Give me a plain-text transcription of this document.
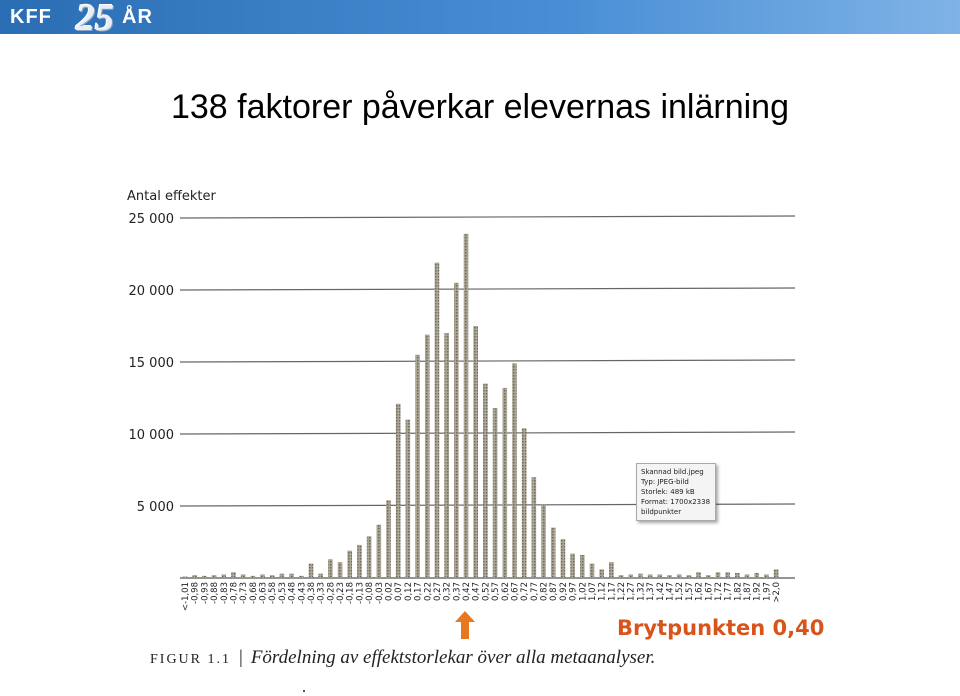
KFF 25 ÅR
138 faktorer påverkar elevernas inlärning
5 000
10 000
15 000
20 000
25 000
<-1,01 -0,98 -0,93 -0,88 -0,83 -0,78 -0,73 -0,68 -0,63 -0,58 -0,53 -0,48 -0,43 -0,38 -0,33 -0,28 -0,23 -0,18 -0,13 -0,08 -0,03 0,02 0,07 0,12 0,17 0,22 0,27 0,32 0,37 0,42 0,47 0,52 0,57 0,62 0,67 0,72 0,77 0,82 0,87 0,92 0,97 1,02 1,07 1,12 1,17 1,22 1,27 1,32 1,37 1,42 1,47 1,52 1,57 1,62 1,67 1,72 1,77 1,82 1,87 1,92 1,97 >2,0
Antal effekter
Skannad bild.jpeg
Typ: JPEG-bild
Storlek: 489 kB
Format: 1700x2338
bildpunkter
Brytpunkten 0,40
FIGUR 1.1 | Fördelning av effektstorlekar över alla metaanalyser.
